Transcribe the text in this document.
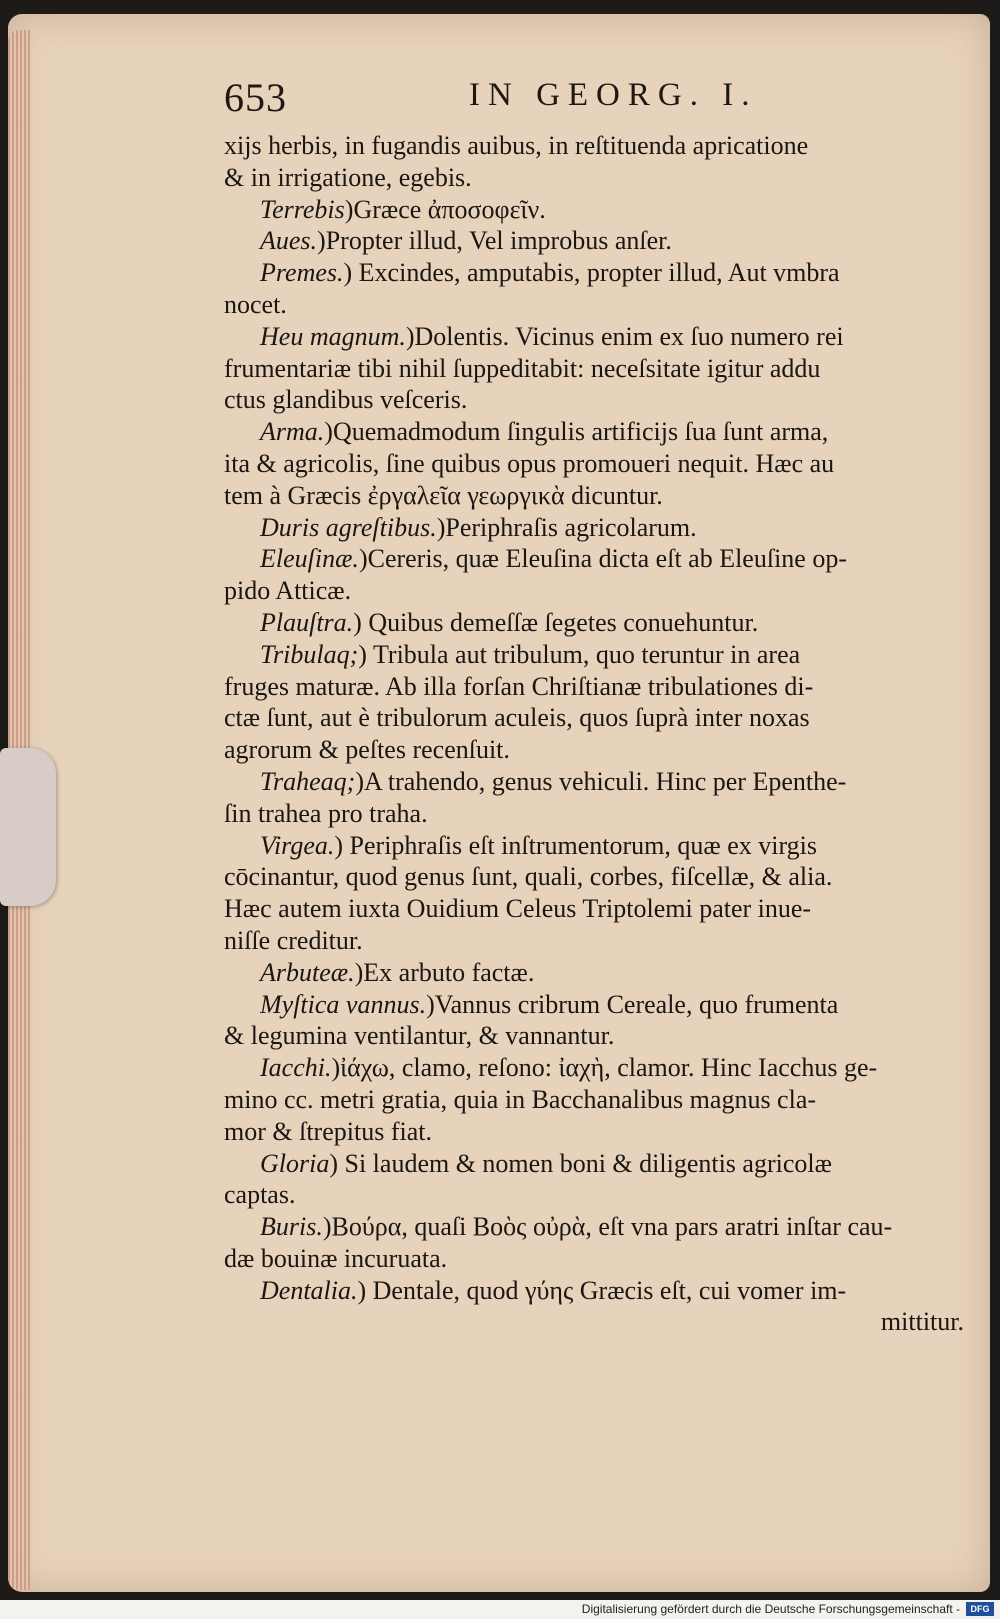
653	IN GEORG. I.
xijs herbis, in fugandis auibus, in reſtituenda apricatione
& in irrigatione, egebis.
Terrebis)Græce ἀποσοφεῖν.
Aues.)Propter illud, Vel improbus anſer.
Premes.) Excindes, amputabis, propter illud, Aut vmbra
nocet.
Heu magnum.)Dolentis. Vicinus enim ex ſuo numero rei
frumentariæ tibi nihil ſuppeditabit: neceſsitate igitur addu
ctus glandibus veſceris.
Arma.)Quemadmodum ſingulis artificijs ſua ſunt arma,
ita & agricolis, ſine quibus opus promoueri nequit. Hæc au
tem à Græcis ἐργαλεῖα γεωργικὰ dicuntur.
Duris agreſtibus.)Periphraſis agricolarum.
Eleuſinæ.)Cereris, quæ Eleuſina dicta eſt ab Eleuſine op-
pido Atticæ.
Plauſtra.) Quibus demeſſæ ſegetes conuehuntur.
Tribulaq;) Tribula aut tribulum, quo teruntur in area
fruges maturæ. Ab illa forſan Chriſtianæ tribulationes di-
ctæ ſunt, aut è tribulorum aculeis, quos ſuprà inter noxas
agrorum & peſtes recenſuit.
Traheaq;)A trahendo, genus vehiculi. Hinc per Epenthe-
ſin trahea pro traha.
Virgea.) Periphraſis eſt inſtrumentorum, quæ ex virgis
cōcinantur, quod genus ſunt, quali, corbes, fiſcellæ, & alia.
Hæc autem iuxta Ouidium Celeus Triptolemi pater inue-
niſſe creditur.
Arbuteæ.)Ex arbuto factæ.
Myſtica vannus.)Vannus cribrum Cereale, quo frumenta
& legumina ventilantur, & vannantur.
Iacchi.)ἰάχω, clamo, reſono: ἰαχὴ, clamor. Hinc Iacchus ge-
mino cc. metri gratia, quia in Bacchanalibus magnus cla-
mor & ſtrepitus fiat.
Gloria) Si laudem & nomen boni & diligentis agricolæ
captas.
Buris.)Βούρα, quaſi Βοὸς οὐρὰ, eſt vna pars aratri inſtar cau-
dæ bouinæ incuruata.
Dentalia.) Dentale, quod γύης Græcis eſt, cui vomer im-
mittitur.
Digitalisierung gefördert durch die Deutsche Forschungsgemeinschaft -	DFG
